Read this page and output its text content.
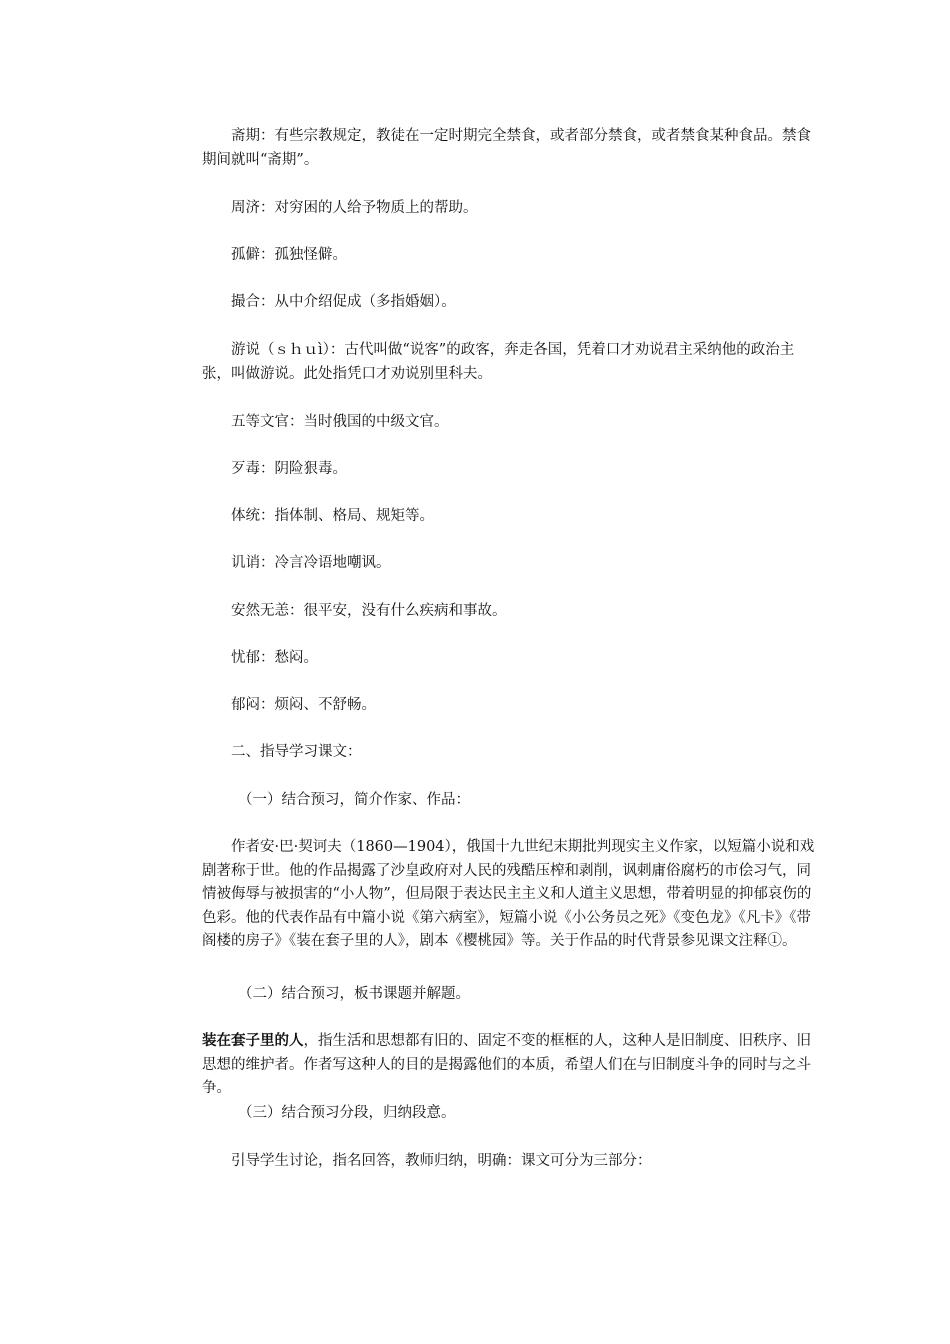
斋期：有些宗教规定，教徒在一定时期完全禁食，或者部分禁食，或者禁食某种食品。禁食期间就叫“斋期”。

周济：对穷困的人给予物质上的帮助。

孤僻：孤独怪僻。

撮合：从中介绍促成（多指婚姻）。

游说（ｓｈｕì）：古代叫做“说客”的政客，奔走各国，凭着口才劝说君主采纳他的政治主张，叫做游说。此处指凭口才劝说别里科夫。

五等文官：当时俄国的中级文官。

歹毒：阴险狠毒。

体统：指体制、格局、规矩等。

讥诮：冷言冷语地嘲讽。

安然无恙：很平安，没有什么疾病和事故。

忧郁：愁闷。

郁闷：烦闷、不舒畅。

二、指导学习课文：

（一）结合预习，简介作家、作品：

作者安·巴·契诃夫（1860—1904），俄国十九世纪末期批判现实主义作家，以短篇小说和戏剧著称于世。他的作品揭露了沙皇政府对人民的残酷压榨和剥削，讽刺庸俗腐朽的市侩习气，同情被侮辱与被损害的“小人物”，但局限于表达民主主义和人道主义思想，带着明显的抑郁哀伤的色彩。他的代表作品有中篇小说《第六病室》，短篇小说《小公务员之死》《变色龙》《凡卡》《带阁楼的房子》《装在套子里的人》，剧本《樱桃园》等。关于作品的时代背景参见课文注释①。

（二）结合预习，板书课题并解题。

装在套子里的人，指生活和思想都有旧的、固定不变的框框的人，这种人是旧制度、旧秩序、旧思想的维护者。作者写这种人的目的是揭露他们的本质，希望人们在与旧制度斗争的同时与之斗争。

（三）结合预习分段，归纳段意。

引导学生讨论，指名回答，教师归纳，明确：课文可分为三部分：
